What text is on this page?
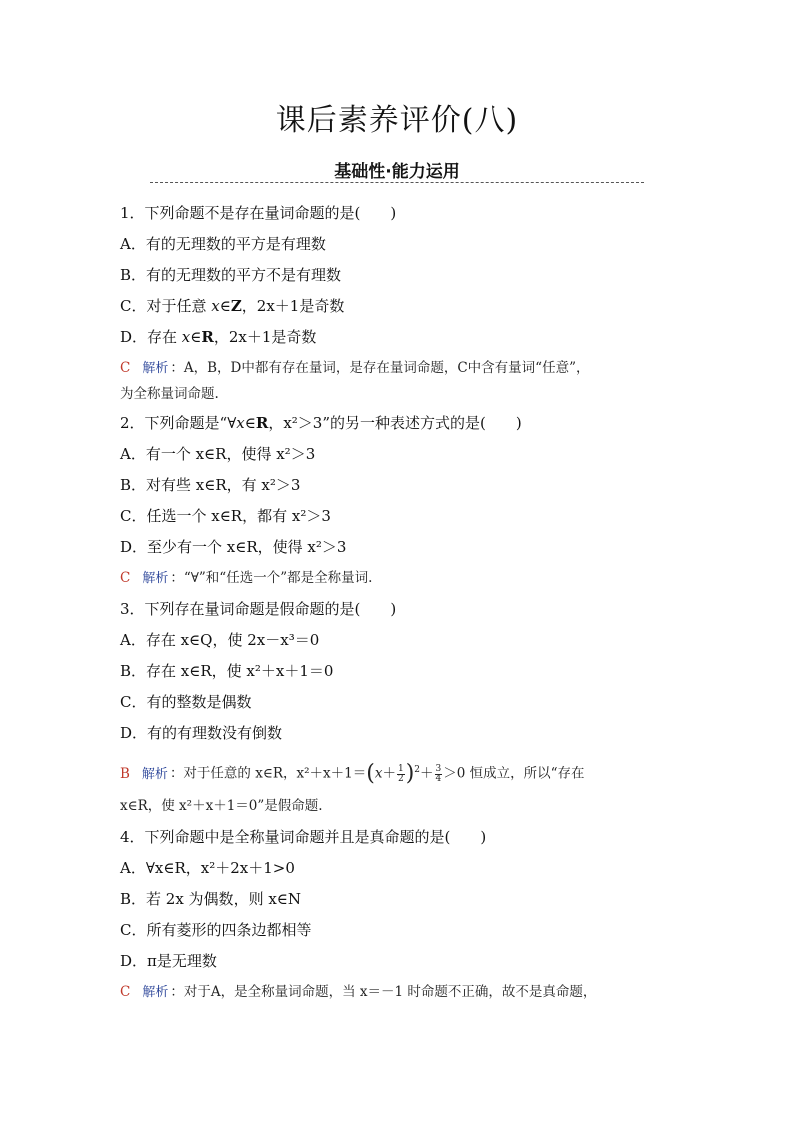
课后素养评价(八)
基础性·能力运用
1．下列命题不是存在量词命题的是(　　)
A．有的无理数的平方是有理数
B．有的无理数的平方不是有理数
C．对于任意 x∈Z，2x＋1是奇数
D．存在 x∈R，2x＋1是奇数
C 解析 ：A，B，D中都有存在量词，是存在量词命题，C中含有量词“任意”，
为全称量词命题.
2．下列命题是“∀x∈R，x²＞3”的另一种表述方式的是(　　)
A．有一个 x∈R，使得 x²＞3
B．对有些 x∈R，有 x²＞3
C．任选一个 x∈R，都有 x²＞3
D．至少有一个 x∈R，使得 x²＞3
C 解析 ：“∀”和“任选一个”都是全称量词.
3．下列存在量词命题是假命题的是(　　)
A．存在 x∈Q，使 2x－x³＝0
B．存在 x∈R，使 x²＋x＋1＝0
C．有的整数是偶数
D．有的有理数没有倒数
B 解析 ：对于任意的 x∈R，$x^2+x+1=(x+ \frac{1}{2} )^2+ \frac{3}{4} >0$ 恒成立，所以“存在
x∈R，使 x²＋x＋1＝0”是假命题.
4．下列命题中是全称量词命题并且是真命题的是(　　)
A．∀x∈R，x²＋2x＋1>0
B．若 2x 为偶数，则 x∈N
C．所有菱形的四条边都相等
D．π是无理数
C 解析 ：对于A，是全称量词命题，当 x＝－1 时命题不正确，故不是真命题，
